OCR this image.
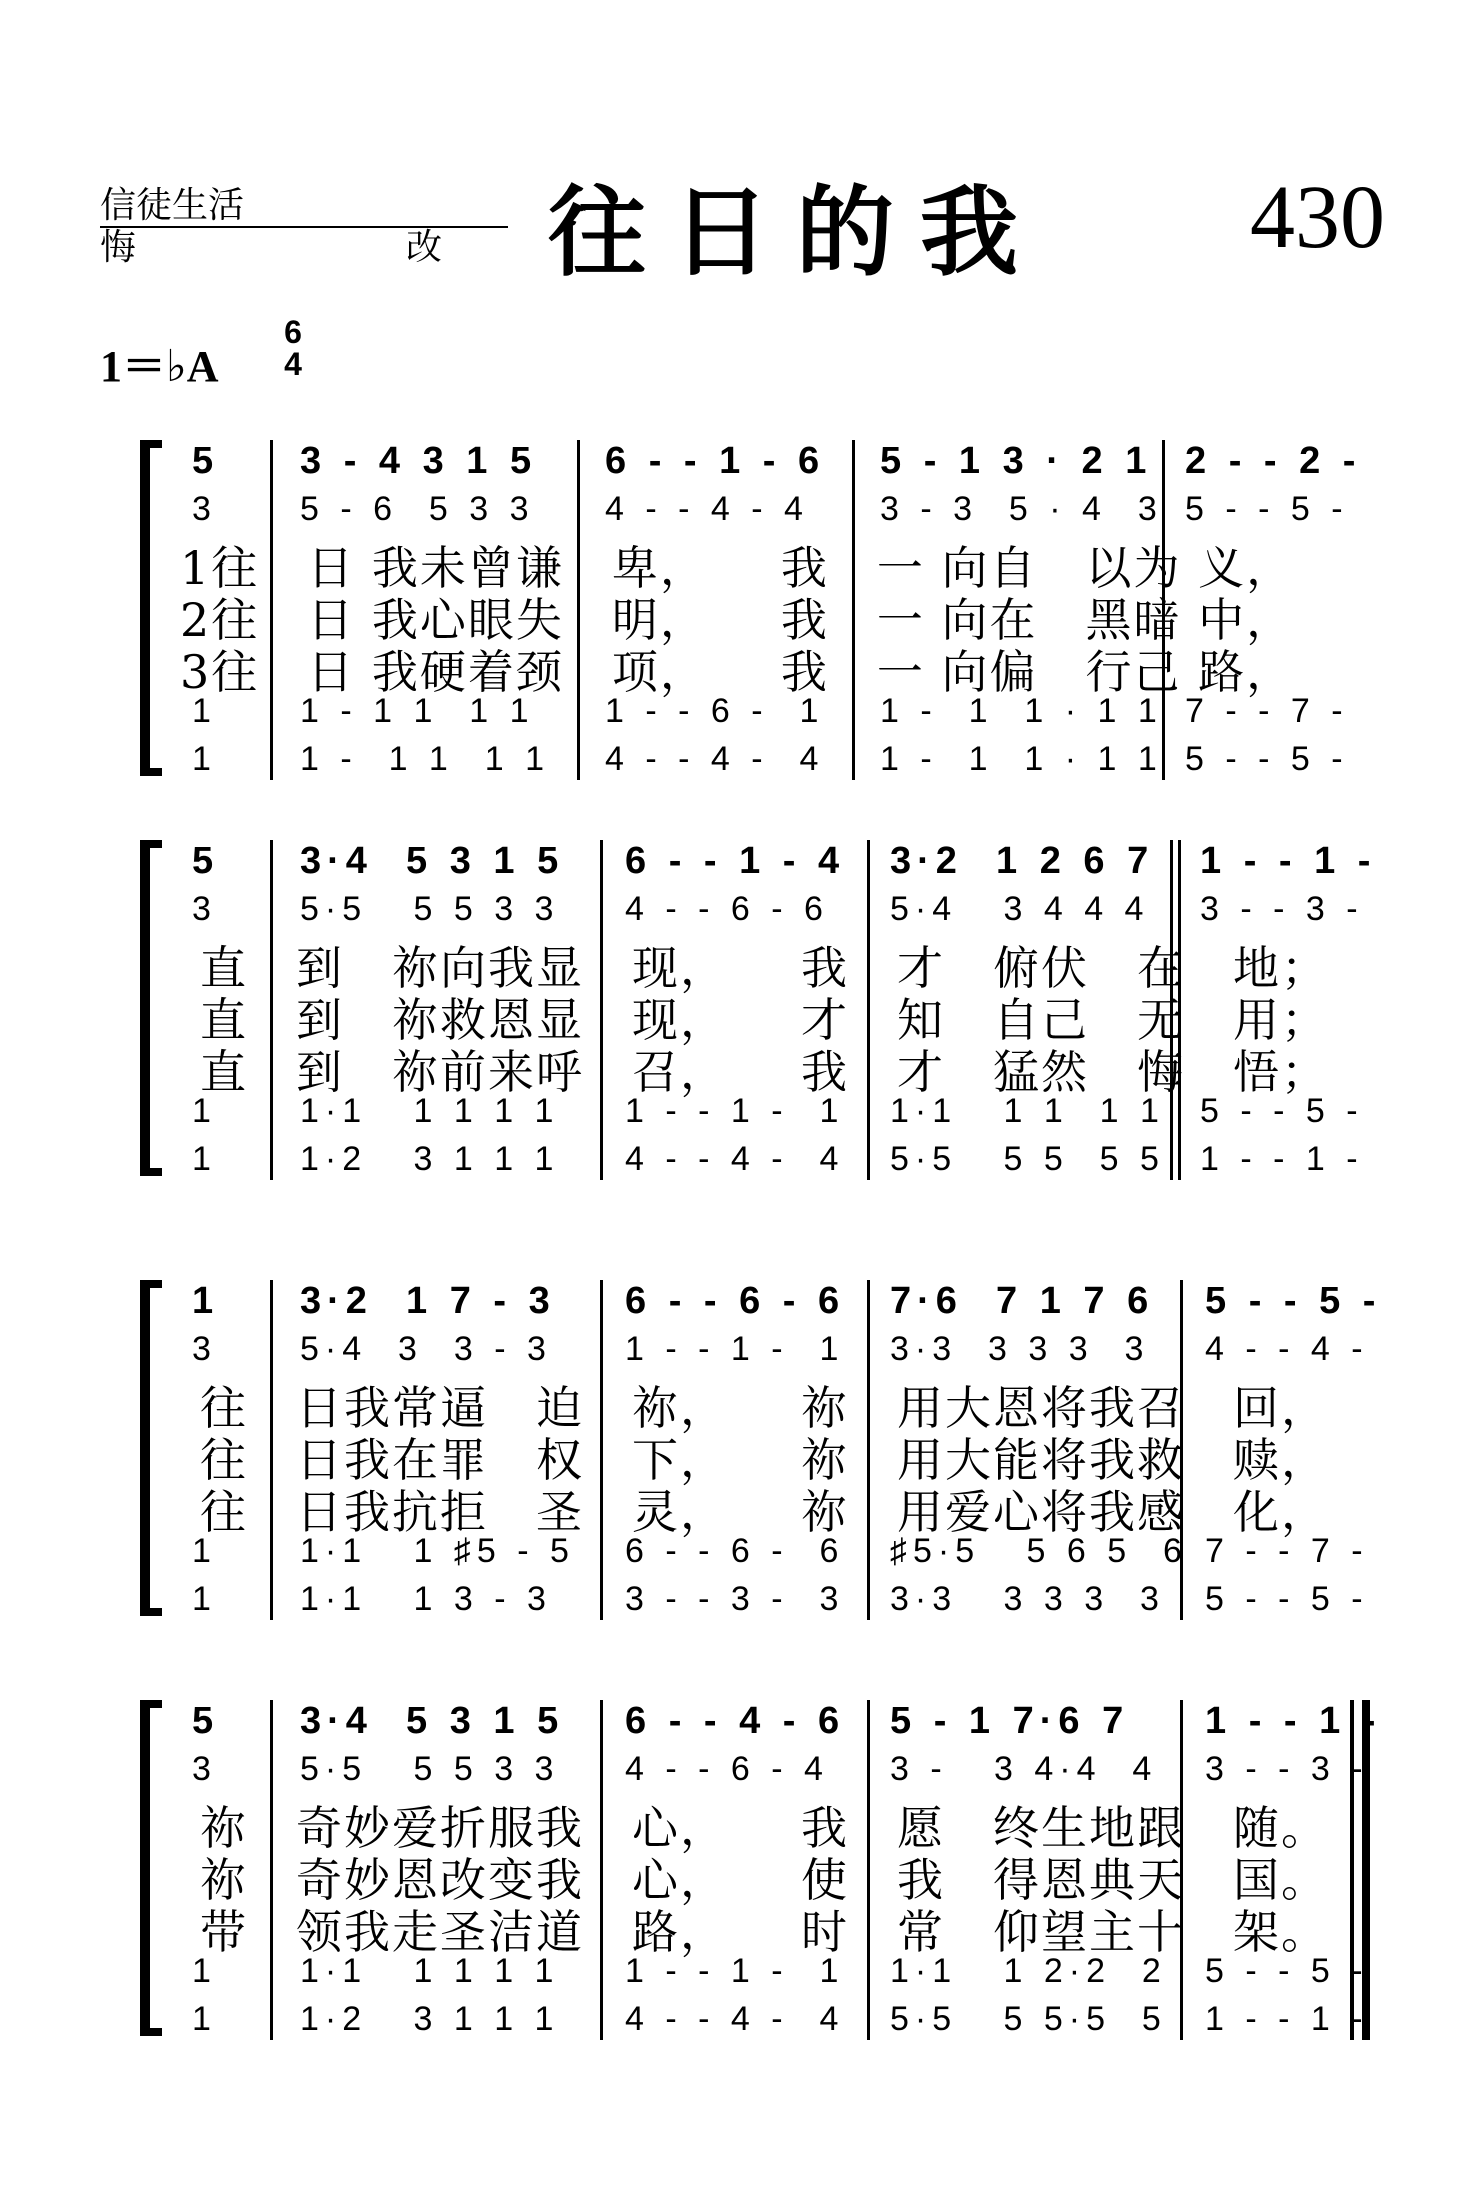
信徒生活
悔　　改 往日的我 430
1＝♭A
6
4
5 3 - 4 3 1 5 6 - - 1 - 6 5 - 1 3 · 2 1 2 - - 2 -
3 5 - 6  5 3 3 4 - - 4 - 4 3 - 3  5 · 4  3 5 - - 5 -
1往　日 我未曾谦　卑，　　我　一 向自　以为 义，
2往　日 我心眼失　明，　　我　一 向在　黑暗 中，
3往　日 我硬着颈　项，　　我　一 向偏　行己 路，
1 1 - 1 1  1 1 1 - - 6 -  1 1 -  1  1 · 1 1 7 - - 7 -
1 1 -  1 1  1 1 4 - - 4 -  4 1 -  1  1 · 1 1 5 - - 5 -
5 3·4  5 3 1 5 6 - - 1 - 4 3·2  1 2 6 7 1 - - 1 -
3 5·5   5 5 3 3 4 - - 6 - 6 5·4   3 4 4 4 3 - - 3 -
直　到　祢向我显　现，　　我　才　俯伏　在　地；
直　到　祢救恩显　现，　　才　知　自己　无　用；
直　到　祢前来呼　召，　　我　才　猛然　悔　悟；
1 1·1   1 1 1 1 1 - - 1 -  1 1·1   1 1  1 1 5 - - 5 -
1 1·2   3 1 1 1 4 - - 4 -  4 5·5   5 5  5 5 1 - - 1 -
1 3·2  1 7 - 3 6 - - 6 - 6 7·6  7 1 7 6 5 - - 5 -
3 5·4  3  3 - 3 1 - - 1 -  1 3·3  3 3 3  3 4 - - 4 -
往　日我常逼　迫　祢，　　祢　用大恩将我召　回，
往　日我在罪　权　下，　　祢　用大能将我救　赎，
往　日我抗拒　圣　灵，　　祢　用爱心将我感　化，
1 1·1   1 ♯5 - 5 6 - - 6 -  6 ♯5·5   5 6 5  6 7 - - 7 -
1 1·1   1 3 - 3 3 - - 3 -  3 3·3   3 3 3  3 5 - - 5 -
5 3·4  5 3 1 5 6 - - 4 - 6 5 - 1 7·6 7 1 - - 1 -
3 5·5   5 5 3 3 4 - - 6 - 4 3 -   3 4·4  4 3 - - 3 -
祢　奇妙爱折服我　心，　　我　愿　终生地跟　随。
祢　奇妙恩改变我　心，　　使　我　得恩典天　国。
带　领我走圣洁道　路，　　时　常　仰望主十　架。
1 1·1   1 1 1 1 1 - - 1 -  1 1·1   1 2·2  2 5 - - 5 -
1 1·2   3 1 1 1 4 - - 4 -  4 5·5   5 5·5  5 1 - - 1 -
